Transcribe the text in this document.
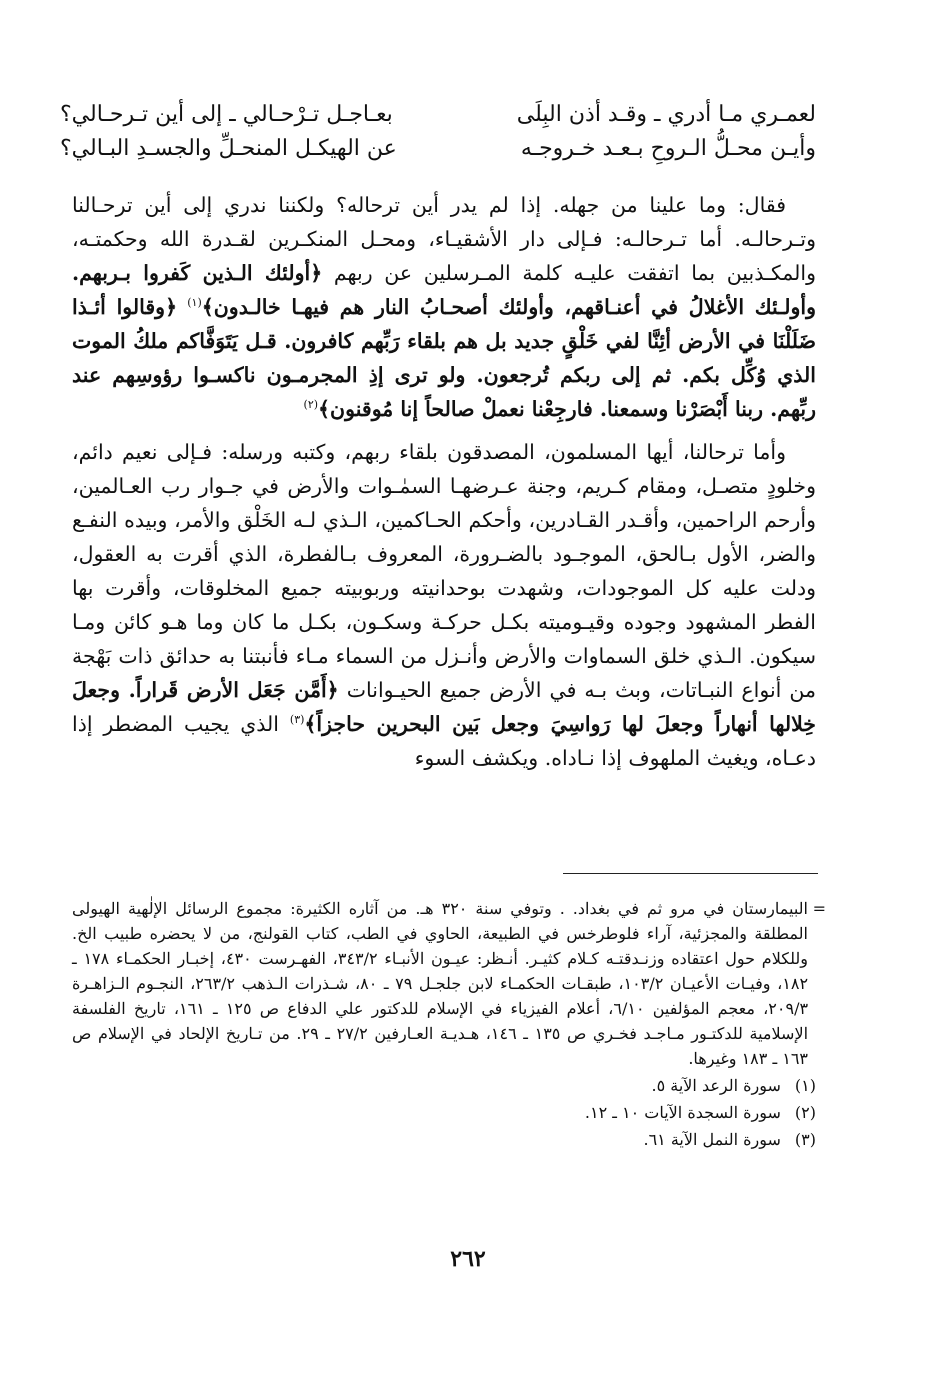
لعمـري مـا أدري ـ وقـد أذن البِلَى
بعـاجـل تـرْحـالي ـ إلى أين تـرحـالي؟
وأيـن محـلُّ الـروحِ بـعـد خـروجـه
عن الهيكـل المنحـلِّ والجسـدِ البـالي؟

فقال: وما علينا من جهله. إذا لم يدر أين ترحاله؟ ولكننا ندري إلى أين ترحـالنا وتـرحالـه. أما تـرحالـه: فـإلى دار الأشقيـاء، ومحـل المنكـرين لقـدرة الله وحكمتـه، والمكـذبين بما اتفقت عليـه كلمة المـرسلين عن ربهم ﴿أولئك الـذين كَفروا بـربهم. وأولـئك الأغلالُ في أعنـاقهم، وأولئك أصحـابُ النار هم فيهـا خالـدون﴾$^{(١)}$ ﴿وقالوا أئـذا ضَلَلْنَا في الأرض أئِنَّا لفي خَلْقٍ جديد بل هم بلقاء رَبِّهم كافرون. قـل يَتَوَفَّاكم ملكُ الموت الذي وُكِّل بكم. ثم إلى ربكم تُرجعون. ولو ترى إذِ المجرمـون ناكسـوا رؤوسِهم عند ربِّهم. ربنا أَبْصَرْنا وسمعنا. فارجِعْنا نعملْ صالحاً إنا مُوقنون﴾$^{(٢)}$

وأما ترحالنا، أيها المسلمون، المصدقون بلقاء ربهم، وكتبه ورسله: فـإلى نعيم دائم، وخلودٍ متصـل، ومقام كـريم، وجنة عـرضهـا السمٰـوات والأرض في جـوار رب العـالمين، وأرحم الراحمين، وأقـدر القـادرين، وأحكم الحـاكمين، الـذي لـه الخَلْق والأمر، وبيده النفـع والضر، الأول بـالحق، الموجـود بالضـرورة، المعروف بـالفطرة، الذي أقرت به العقول، ودلت عليه كل الموجودات، وشهدت بوحدانيته وربوبيته جميع المخلوقات، وأقرت بها الفطر المشهود وجوده وقيـوميته بكـل حركـة وسكـون، بكـل ما كان وما هـو كائن ومـا سيكون. الـذي خلق السماوات والأرض وأنـزل من السماء مـاء فأنبتنا به حدائق ذات بَهْجة من أنواع النبـاتات، وبث بـه في الأرض جميع الحيـوانات ﴿أَمَّن جَعَل الأرض قَراراً. وجعلَ خِلالها أنهاراً وجعلَ لها رَواسِيَ وجعل بَين البحرين حاجزاً﴾$^{(٣)}$ الذي يجيب المضطر إذا دعـاه، ويغيث الملهوف إذا نـاداه. ويكشف السوء

=
البيمارستان في مرو ثم في بغداد. . وتوفي سنة ٣٢٠ هـ. من آثاره الكثيرة: مجموع الرسائل الإلٰهية الهيولى المطلقة والمجزئية، آراء فلوطرخس في الطبيعة، الحاوي في الطب، كتاب القولنج، من لا يحضره طبيب الخ. وللكلام حول اعتقاده وزنـدقتـه كـلام كثيـر. أنـظر: عيـون الأنبـاء ٣٤٣/٢، الفهـرست ٤٣٠، إخبـار الحكمـاء ١٧٨ ـ ١٨٢، وفيـات الأعيـان ١٠٣/٢، طبقـات الحكمـاء لابن جلجـل ٧٩ ـ ٨٠، شـذرات الـذهب ٢٦٣/٢، النجـوم الـزاهـرة ٢٠٩/٣، معجم المؤلفين ٦/١٠، أعلام الفيزياء في الإسلام للدكتور علي الدفاع ص ١٢٥ ـ ١٦١، تاريخ الفلسفة الإسلامية للدكتـور مـاجـد فخـري ص ١٣٥ ـ ١٤٦، هـديـة العـارفين ٢٧/٢ ـ ٢٩. من تـاريخ الإلحاد في الإسلام ص ١٦٣ ـ ١٨٣ وغيرها.
(١) سورة الرعد الآية ٥.
(٢) سورة السجدة الآيات ١٠ ـ ١٢.
(٣) سورة النمل الآية ٦١.
٢٦٢
